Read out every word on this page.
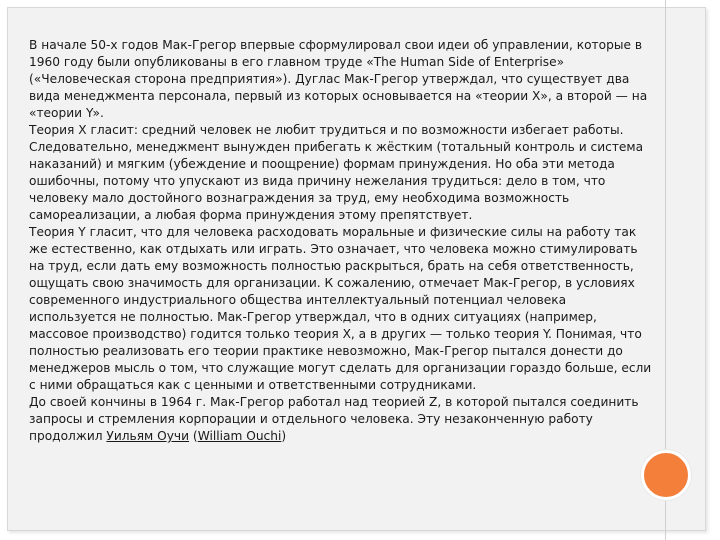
В начале 50-х годов Мак-Грегор впервые сформулировал свои идеи об управлении, которые в 1960 году были опубликованы в его главном труде «The Human Side of Enterprise» («Человеческая сторона предприятия»). Дуглас Мак-Грегор утверждал, что существует два вида менеджмента персонала, первый из которых основывается на «теории X», а второй — на «теории Y».

Теория X гласит: средний человек не любит трудиться и по возможности избегает работы. Следовательно, менеджмент вынужден прибегать к жёстким (тотальный контроль и система наказаний) и мягким (убеждение и поощрение) формам принуждения. Но оба эти метода ошибочны, потому что упускают из вида причину нежелания трудиться: дело в том, что человеку мало достойного вознаграждения за труд, ему необходима возможность самореализации, а любая форма принуждения этому препятствует.

Теория Y гласит, что для человека расходовать моральные и физические силы на работу так же естественно, как отдыхать или играть. Это означает, что человека можно стимулировать на труд, если дать ему возможность полностью раскрыться, брать на себя ответственность, ощущать свою значимость для организации. К сожалению, отмечает Мак-Грегор, в условиях современного индустриального общества интеллектуальный потенциал человека используется не полностью. Мак-Грегор утверждал, что в одних ситуациях (например, массовое производство) годится только теория X, а в других — только теория Y. Понимая, что полностью реализовать его теории практике невозможно, Мак-Грегор пытался донести до менеджеров мысль о том, что служащие могут сделать для организации гораздо больше, если с ними обращаться как с ценными и ответственными сотрудниками.

До своей кончины в 1964 г. Мак-Грегор работал над теорией Z, в которой пытался соединить запросы и стремления корпорации и отдельного человека. Эту незаконченную работу продолжил Уильям Оучи (William Ouchi)
